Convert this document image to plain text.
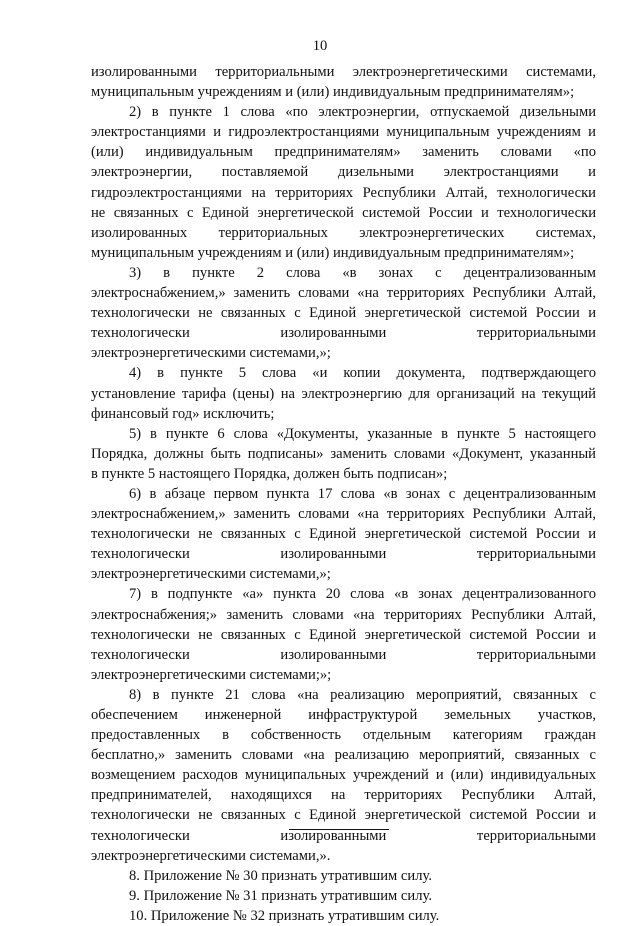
10
изолированными территориальными электроэнергетическими системами,
муниципальным учреждениям и (или) индивидуальным предпринимателям»;
2) в пункте 1 слова «по электроэнергии, отпускаемой дизельными
электростанциями и гидроэлектростанциями муниципальным учреждениям и
(или) индивидуальным предпринимателям» заменить словами «по
электроэнергии, поставляемой дизельными электростанциями и
гидроэлектростанциями на территориях Республики Алтай, технологически
не связанных с Единой энергетической системой России и технологически
изолированных территориальных электроэнергетических системах,
муниципальным учреждениям и (или) индивидуальным предпринимателям»;
3) в пункте 2 слова «в зонах с децентрализованным
электроснабжением,» заменить словами «на территориях Республики Алтай,
технологически не связанных с Единой энергетической системой России и
технологически изолированными территориальными
электроэнергетическими системами,»;
4) в пункте 5 слова «и копии документа, подтверждающего
установление тарифа (цены) на электроэнергию для организаций на текущий
финансовый год» исключить;
5) в пункте 6 слова «Документы, указанные в пункте 5 настоящего
Порядка, должны быть подписаны» заменить словами «Документ, указанный
в пункте 5 настоящего Порядка, должен быть подписан»;
6) в абзаце первом пункта 17 слова «в зонах с децентрализованным
электроснабжением,» заменить словами «на территориях Республики Алтай,
технологически не связанных с Единой энергетической системой России и
технологически изолированными территориальными
электроэнергетическими системами,»;
7) в подпункте «а» пункта 20 слова «в зонах децентрализованного
электроснабжения;» заменить словами «на территориях Республики Алтай,
технологически не связанных с Единой энергетической системой России и
технологически изолированными территориальными
электроэнергетическими системами;»;
8) в пункте 21 слова «на реализацию мероприятий, связанных с
обеспечением инженерной инфраструктурой земельных участков,
предоставленных в собственность отдельным категориям граждан
бесплатно,» заменить словами «на реализацию мероприятий, связанных с
возмещением расходов муниципальных учреждений и (или) индивидуальных
предпринимателей, находящихся на территориях Республики Алтай,
технологически не связанных с Единой энергетической системой России и
технологически изолированными территориальными
электроэнергетическими системами,».
8. Приложение № 30 признать утратившим силу.
9. Приложение № 31 признать утратившим силу.
10. Приложение № 32 признать утратившим силу.
